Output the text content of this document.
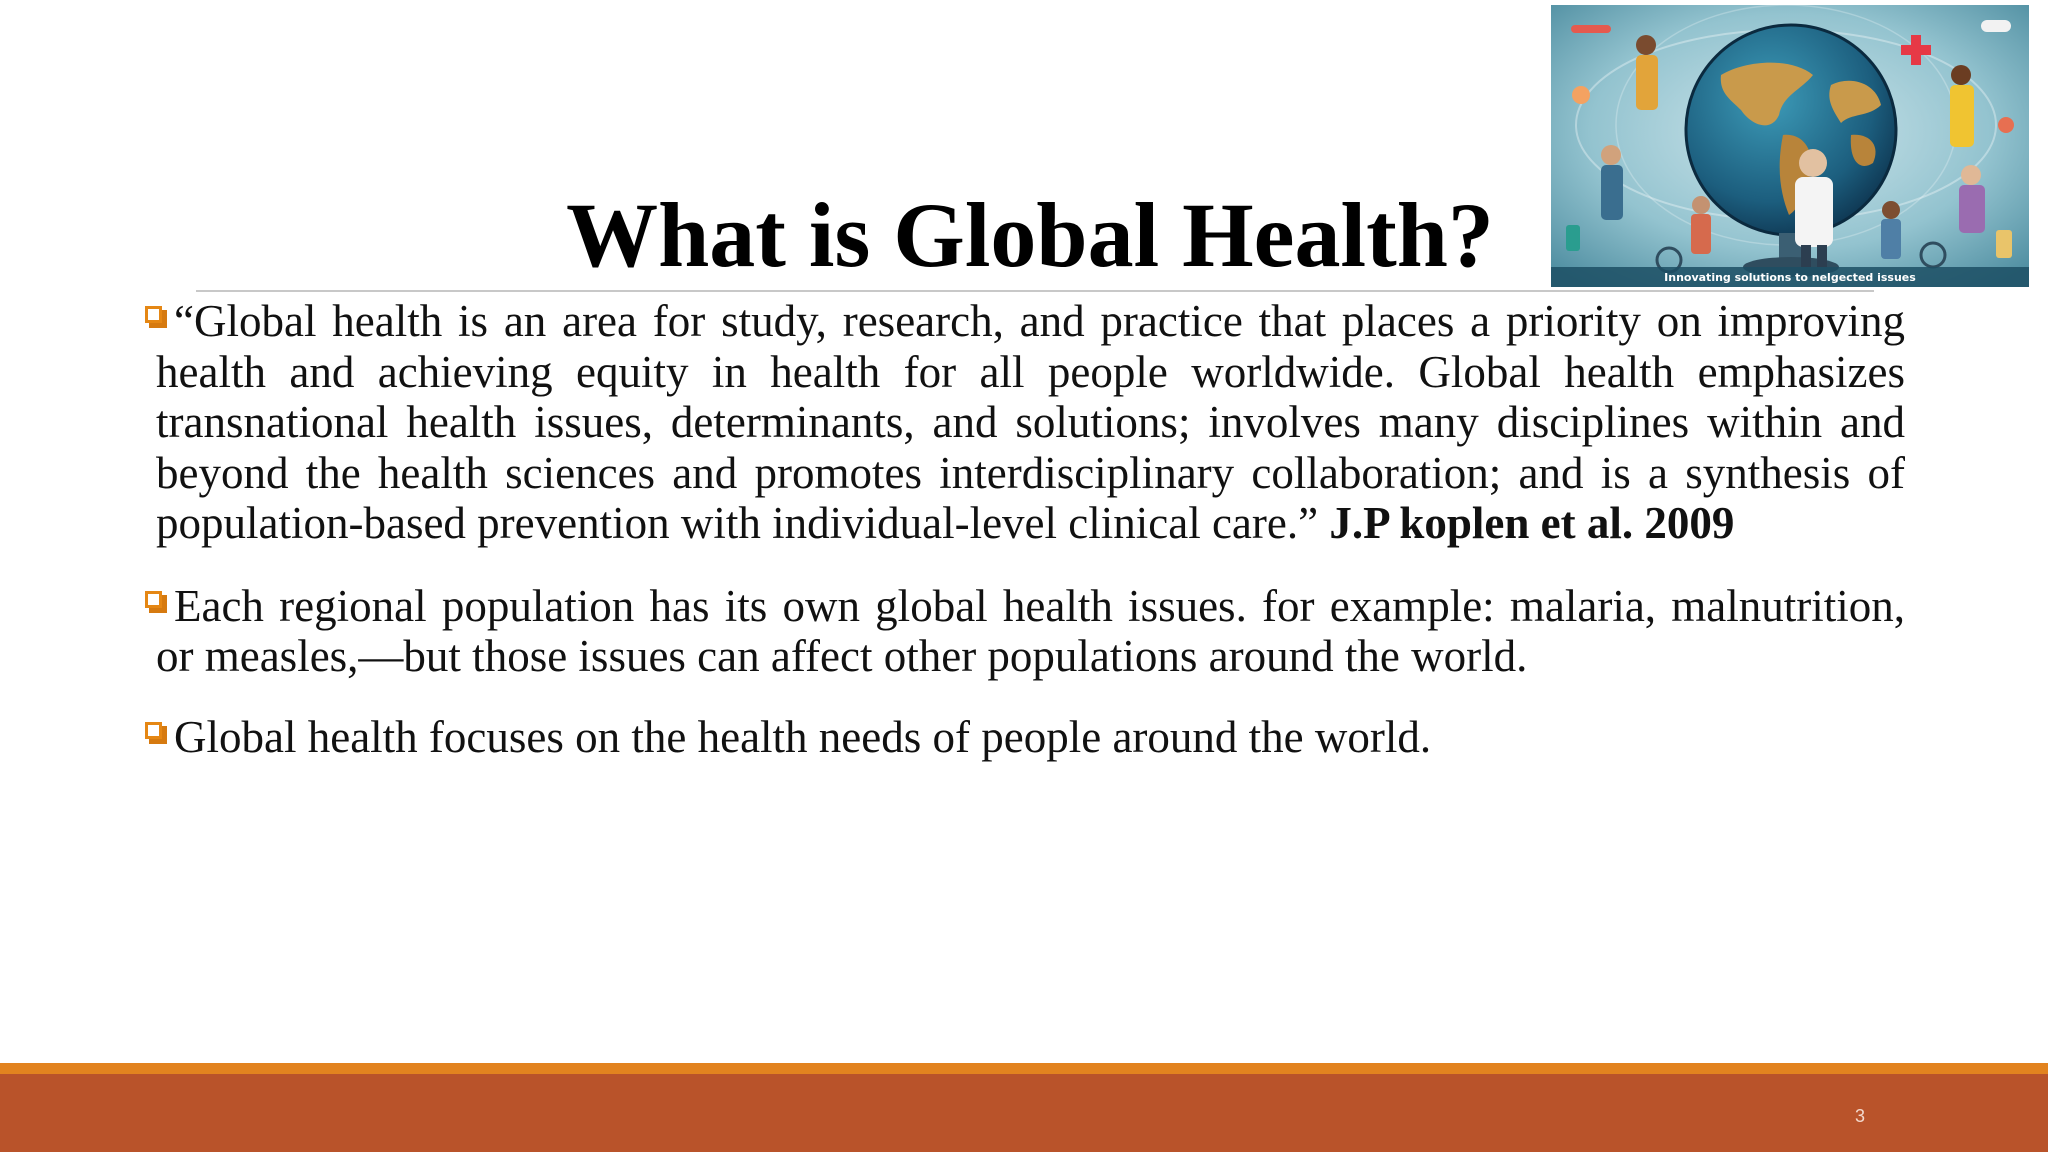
What is Global Health?	Innovating solutions to nelgected issues

“Global health is an area for study, research, and practice that places a priority on improving health and achieving equity in health for all people worldwide. Global health emphasizes transnational health issues, determinants, and solutions; involves many disciplines within and beyond the health sciences and promotes interdisciplinary collaboration; and is a synthesis of population-based prevention with individual-level clinical care.” J.P koplen et al. 2009

Each regional population has its own global health issues. for example: malaria, malnutrition, or measles,—but those issues can affect other populations around the world.

Global health focuses on the health needs of people around the world.

3
